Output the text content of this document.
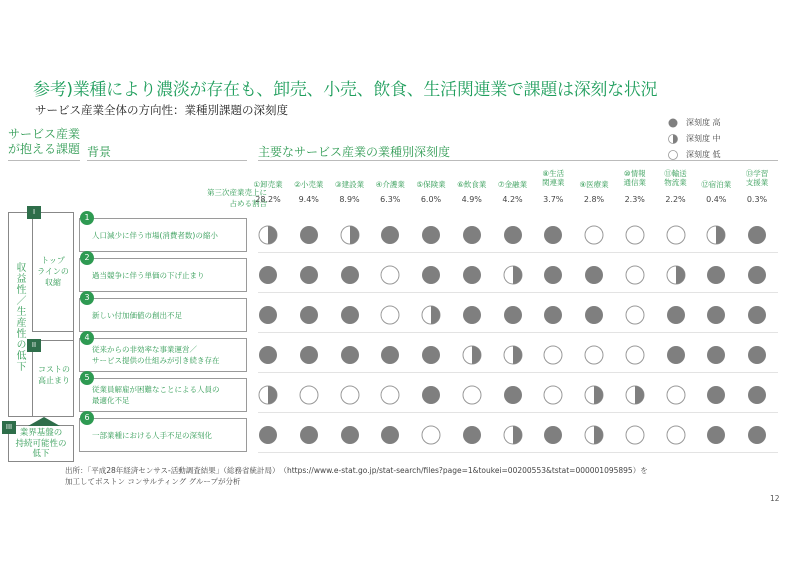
参考)業種により濃淡が存在も、卸売、小売、飲食、生活関連業で課題は深刻な状況
サービス産業全体の方向性：業種別課題の深刻度
サービス産業
が抱える課題 背景	主要なサービス産業の業種別深刻度
深刻度 高
深刻度 中
深刻度 低
第三次産業売上に
占める割合
①卸売業	②小売業	③建設業	④介護業	⑤保険業	⑥飲食業	⑦金融業
⑧生活
関連業	⑨医療業
⑩情報
通信業
⑪輸送
物流業	⑫宿泊業
⑬学習
支援業
28.2%	9.4%	8.9%	6.3%	6.0%	4.9%	4.2%	3.7%	2.8%	2.3%	2.2%	0.4%	0.3%
I
II
III
収益性／生産性の低下
トップ
ラインの
収縮
コストの
高止まり
業界基盤の
持続可能性の
低下
1
人口減少に伴う市場(消費者数)の縮小
2
過当競争に伴う単価の下げ止まり
3
新しい付加価値の創出不足
4
従来からの非効率な事業運営／
サービス提供の仕組みが引き続き存在
5
従業員解雇が困難なことによる人員の
最適化不足
6
一部業種における人手不足の深刻化
出所：「平成28年経済センサス-活動調査結果」（総務省統計局）　（https://www.e-stat.go.jp/stat-search/files?page=1&toukei=00200553&tstat=000001095895）を
加工してボストン コンサルティング グループが分析
12
